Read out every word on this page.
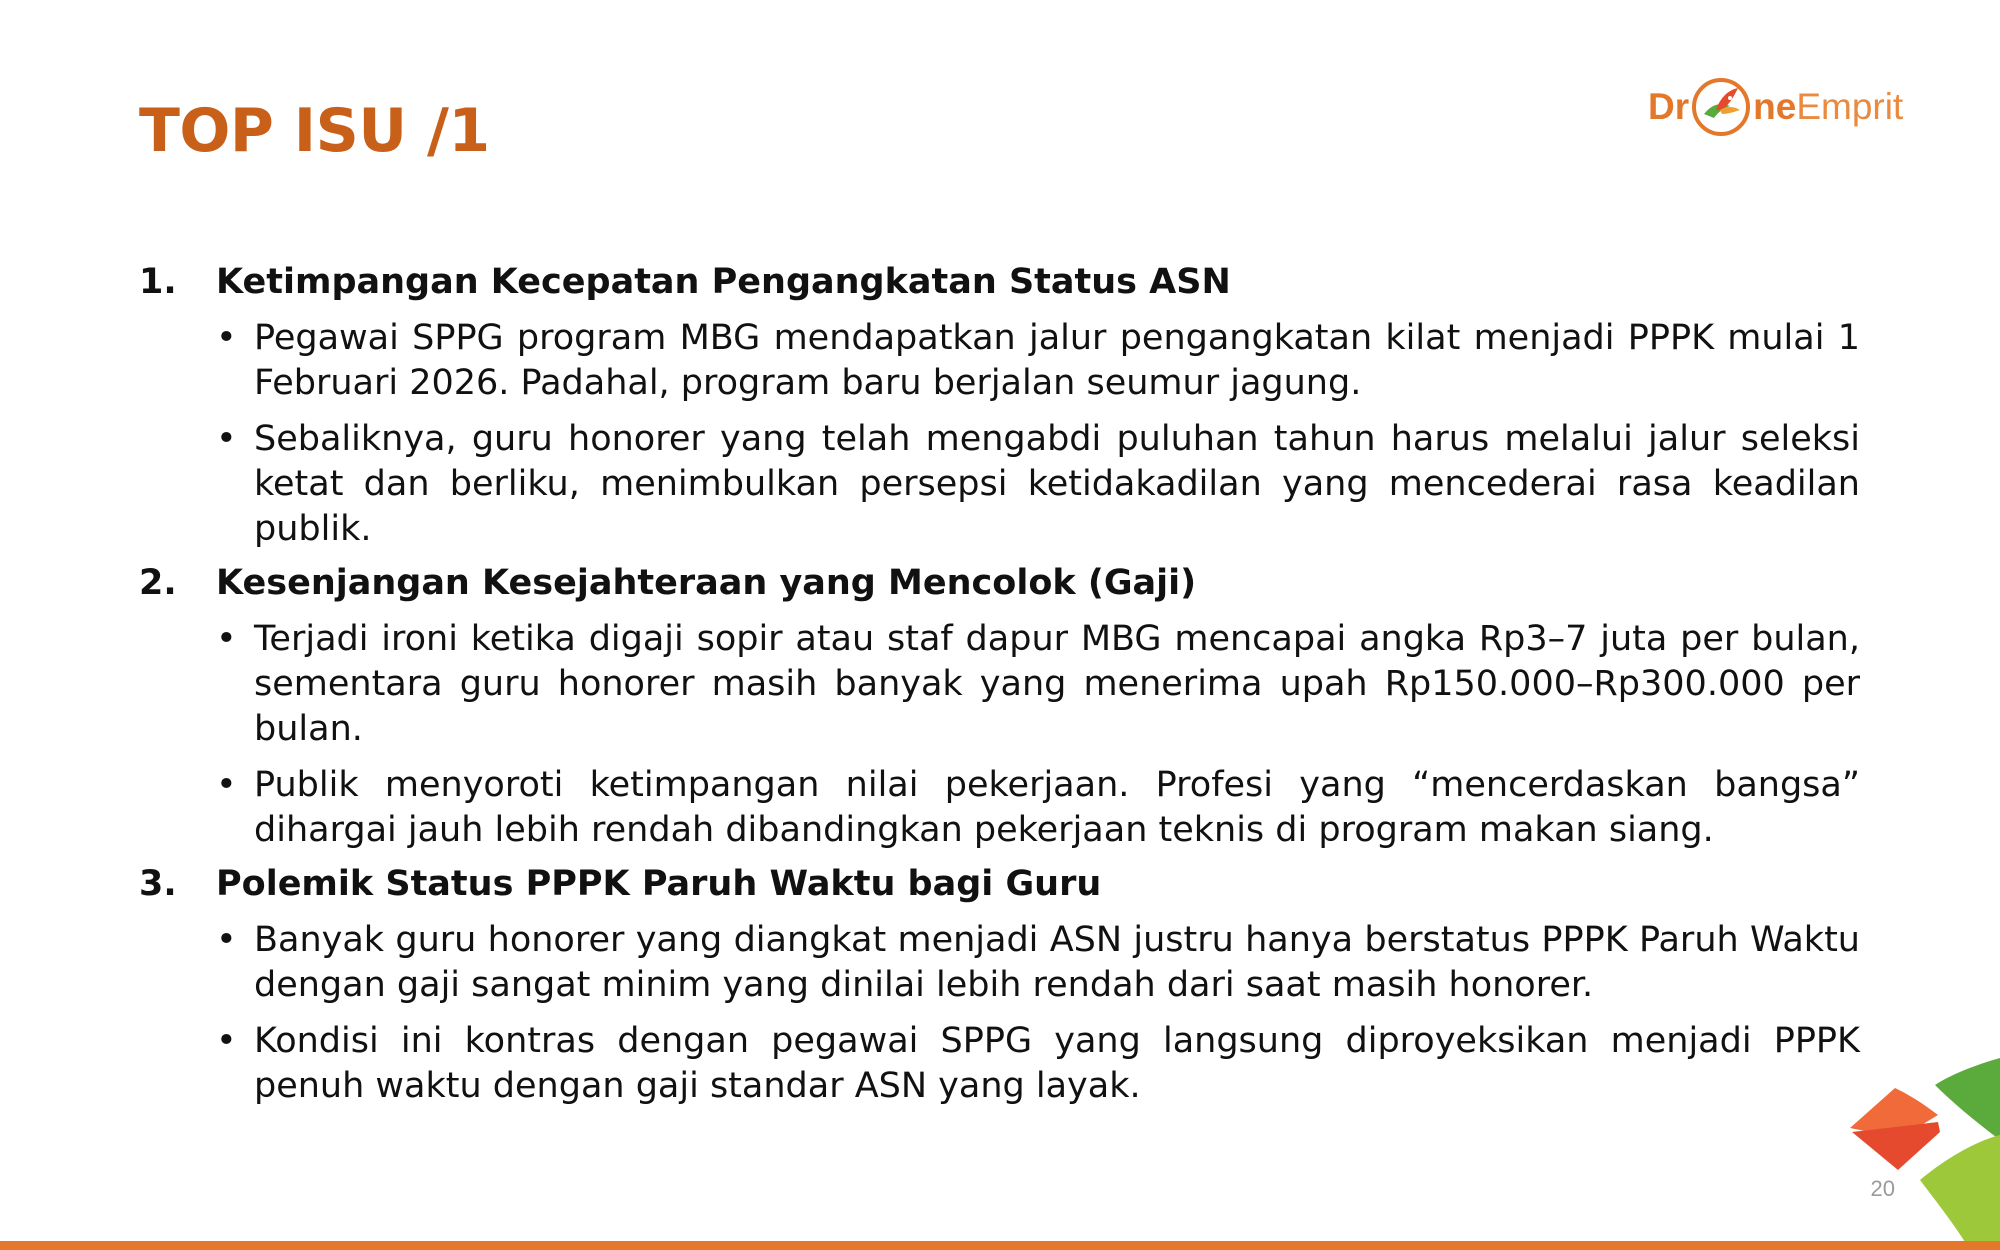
TOP ISU /1	Dr ne Emprit
1.	Ketimpangan Kecepatan Pengangkatan Status ASN
• Pegawai SPPG program MBG mendapatkan jalur pengangkatan kilat menjadi PPPK mulai 1 Februari 2026. Padahal, program baru berjalan seumur jagung.
• Sebaliknya, guru honorer yang telah mengabdi puluhan tahun harus melalui jalur seleksi ketat dan berliku, menimbulkan persepsi ketidakadilan yang mencederai rasa keadilan publik.
2.	Kesenjangan Kesejahteraan yang Mencolok (Gaji)
• Terjadi ironi ketika digaji sopir atau staf dapur MBG mencapai angka Rp3–7 juta per bulan, sementara guru honorer masih banyak yang menerima upah Rp150.000–Rp300.000 per bulan.
• Publik menyoroti ketimpangan nilai pekerjaan. Profesi yang “mencerdaskan bangsa” dihargai jauh lebih rendah dibandingkan pekerjaan teknis di program makan siang.
3.	Polemik Status PPPK Paruh Waktu bagi Guru
• Banyak guru honorer yang diangkat menjadi ASN justru hanya berstatus PPPK Paruh Waktu dengan gaji sangat minim yang dinilai lebih rendah dari saat masih honorer.
• Kondisi ini kontras dengan pegawai SPPG yang langsung diproyeksikan menjadi PPPK penuh waktu dengan gaji standar ASN yang layak.
20
